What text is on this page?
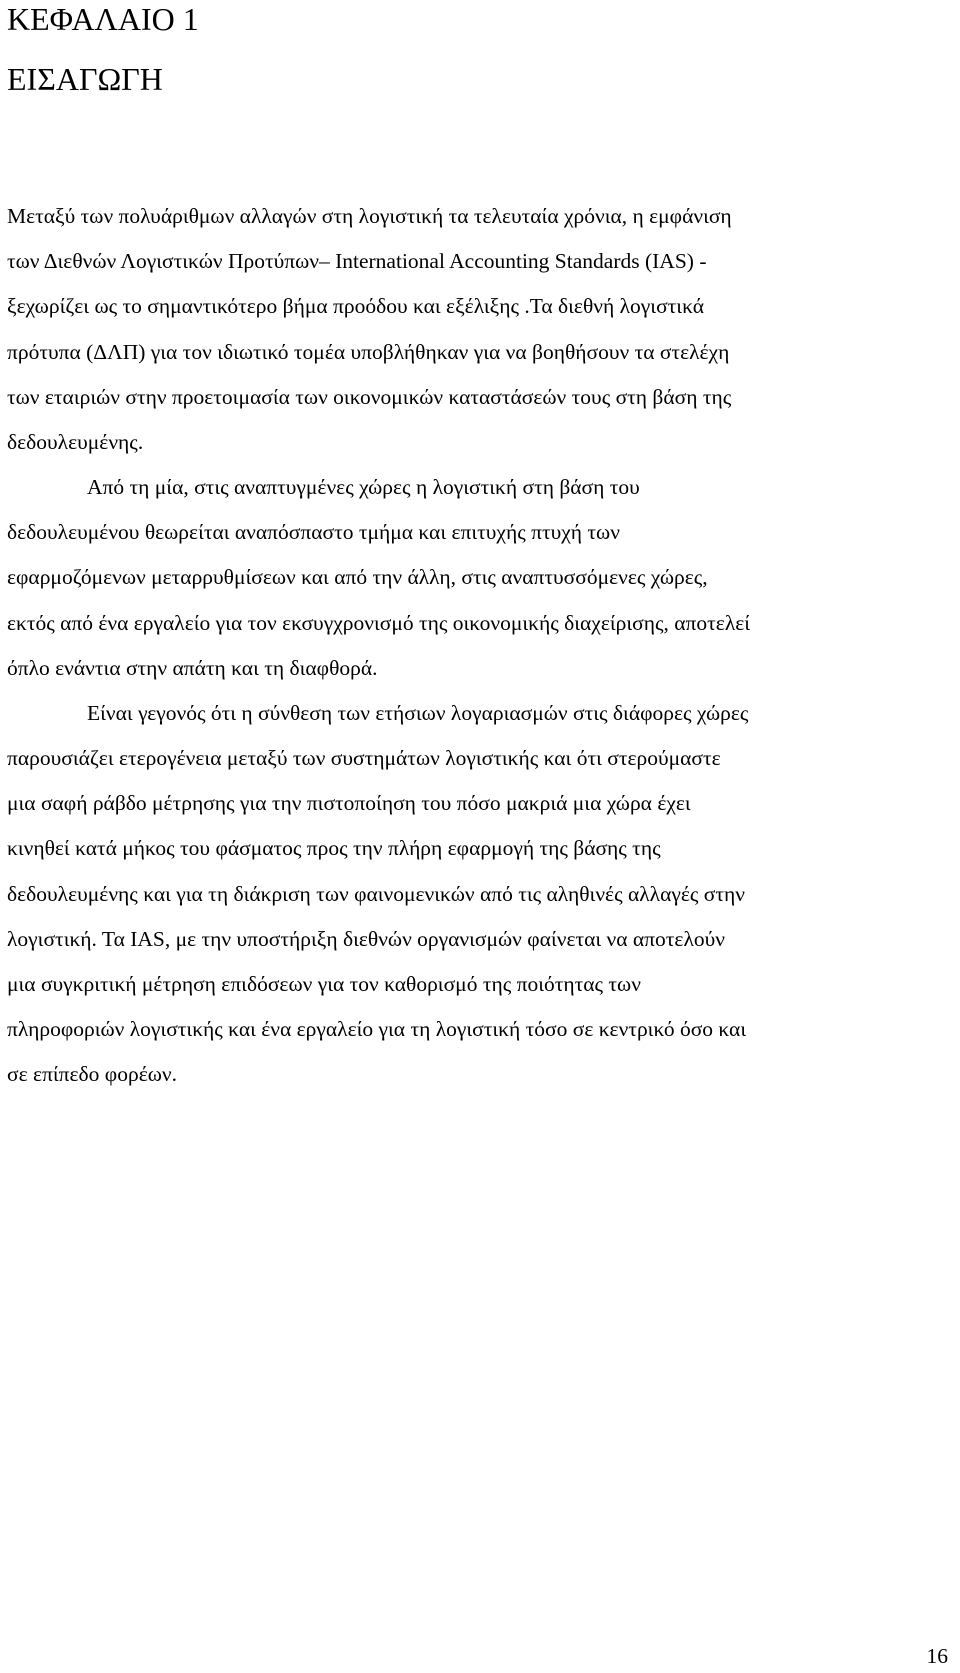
ΚΕΦΑΛΑΙΟ 1
ΕΙΣΑΓΩΓΗ
Μεταξύ των πολυάριθμων αλλαγών στη λογιστική τα τελευταία χρόνια, η εμφάνιση
των Διεθνών Λογιστικών Προτύπων– International Accounting Standards (IAS) -
ξεχωρίζει ως το σημαντικότερο βήμα προόδου και εξέλιξης .Τα διεθνή λογιστικά
πρότυπα (ΔΛΠ) για τον ιδιωτικό τομέα υποβλήθηκαν για να βοηθήσουν τα στελέχη
των εταιριών στην προετοιμασία των οικονομικών καταστάσεών τους στη βάση της
δεδουλευμένης.
Από τη μία, στις αναπτυγμένες χώρες η λογιστική στη βάση του
δεδουλευμένου θεωρείται αναπόσπαστο τμήμα και επιτυχής πτυχή των
εφαρμοζόμενων μεταρρυθμίσεων και από την άλλη, στις αναπτυσσόμενες χώρες,
εκτός από ένα εργαλείο για τον εκσυγχρονισμό της οικονομικής διαχείρισης, αποτελεί
όπλο ενάντια στην απάτη και τη διαφθορά.
Είναι γεγονός ότι η σύνθεση των ετήσιων λογαριασμών στις διάφορες χώρες
παρουσιάζει ετερογένεια μεταξύ των συστημάτων λογιστικής και ότι στερούμαστε
μια σαφή ράβδο μέτρησης για την πιστοποίηση του πόσο μακριά μια χώρα έχει
κινηθεί κατά μήκος του φάσματος προς την πλήρη εφαρμογή της βάσης της
δεδουλευμένης και για τη διάκριση των φαινομενικών από τις αληθινές αλλαγές στην
λογιστική. Τα IAS, με την υποστήριξη διεθνών οργανισμών φαίνεται να αποτελούν
μια συγκριτική μέτρηση επιδόσεων για τον καθορισμό της ποιότητας των
πληροφοριών λογιστικής και ένα εργαλείο για τη λογιστική τόσο σε κεντρικό όσο και
σε επίπεδο φορέων.
16
